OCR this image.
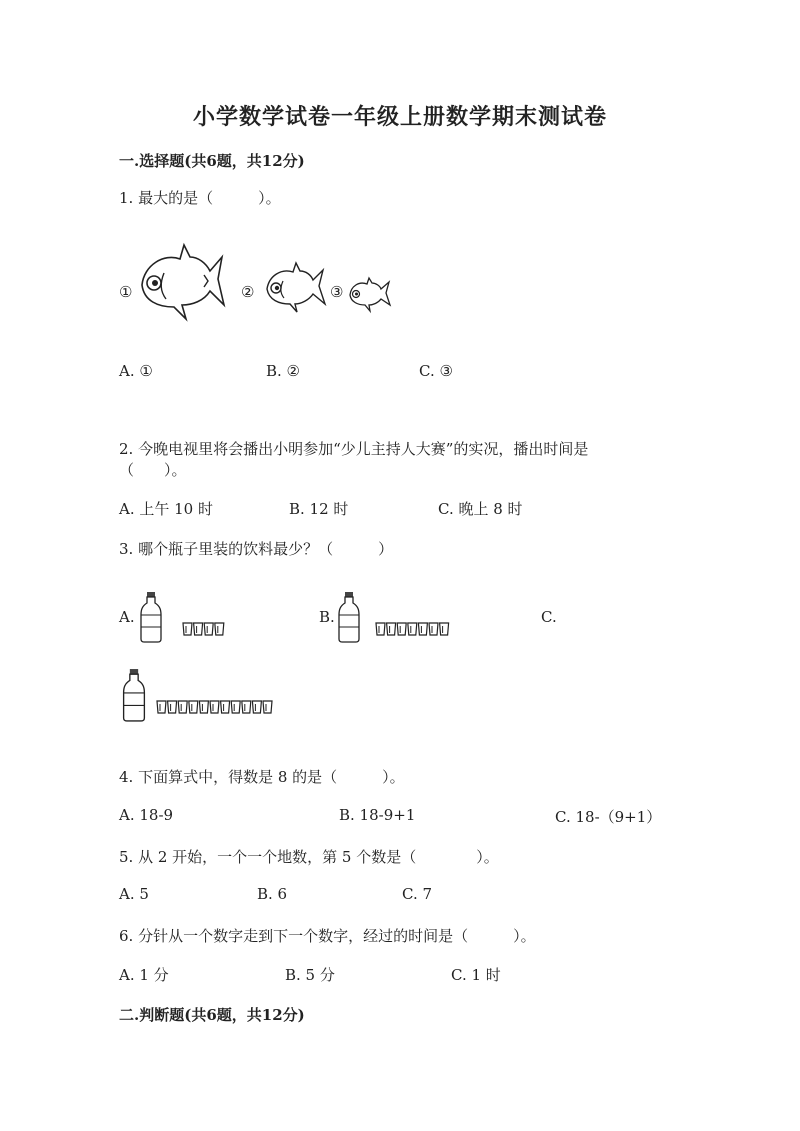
小学数学试卷一年级上册数学期末测试卷
一.选择题(共6题，共12分)
1. 最大的是（　　　）。
①	②	③
A. ①	B. ②	C. ③
2. 今晚电视里将会播出小明参加“少儿主持人大赛”的实况，播出时间是
（　　）。
A. 上午 10 时	B. 12 时	C. 晚上 8 时
3. 哪个瓶子里装的饮料最少？（　　　）
A.	B.	C.
4. 下面算式中，得数是 8 的是（　　　）。
A. 18-9	B. 18-9+1	C. 18-（9+1）
5. 从 2 开始，一个一个地数，第 5 个数是（　　　　）。
A. 5	B. 6	C. 7
6. 分针从一个数字走到下一个数字，经过的时间是（　　　）。
A. 1 分	B. 5 分	C. 1 时
二.判断题(共6题，共12分)
